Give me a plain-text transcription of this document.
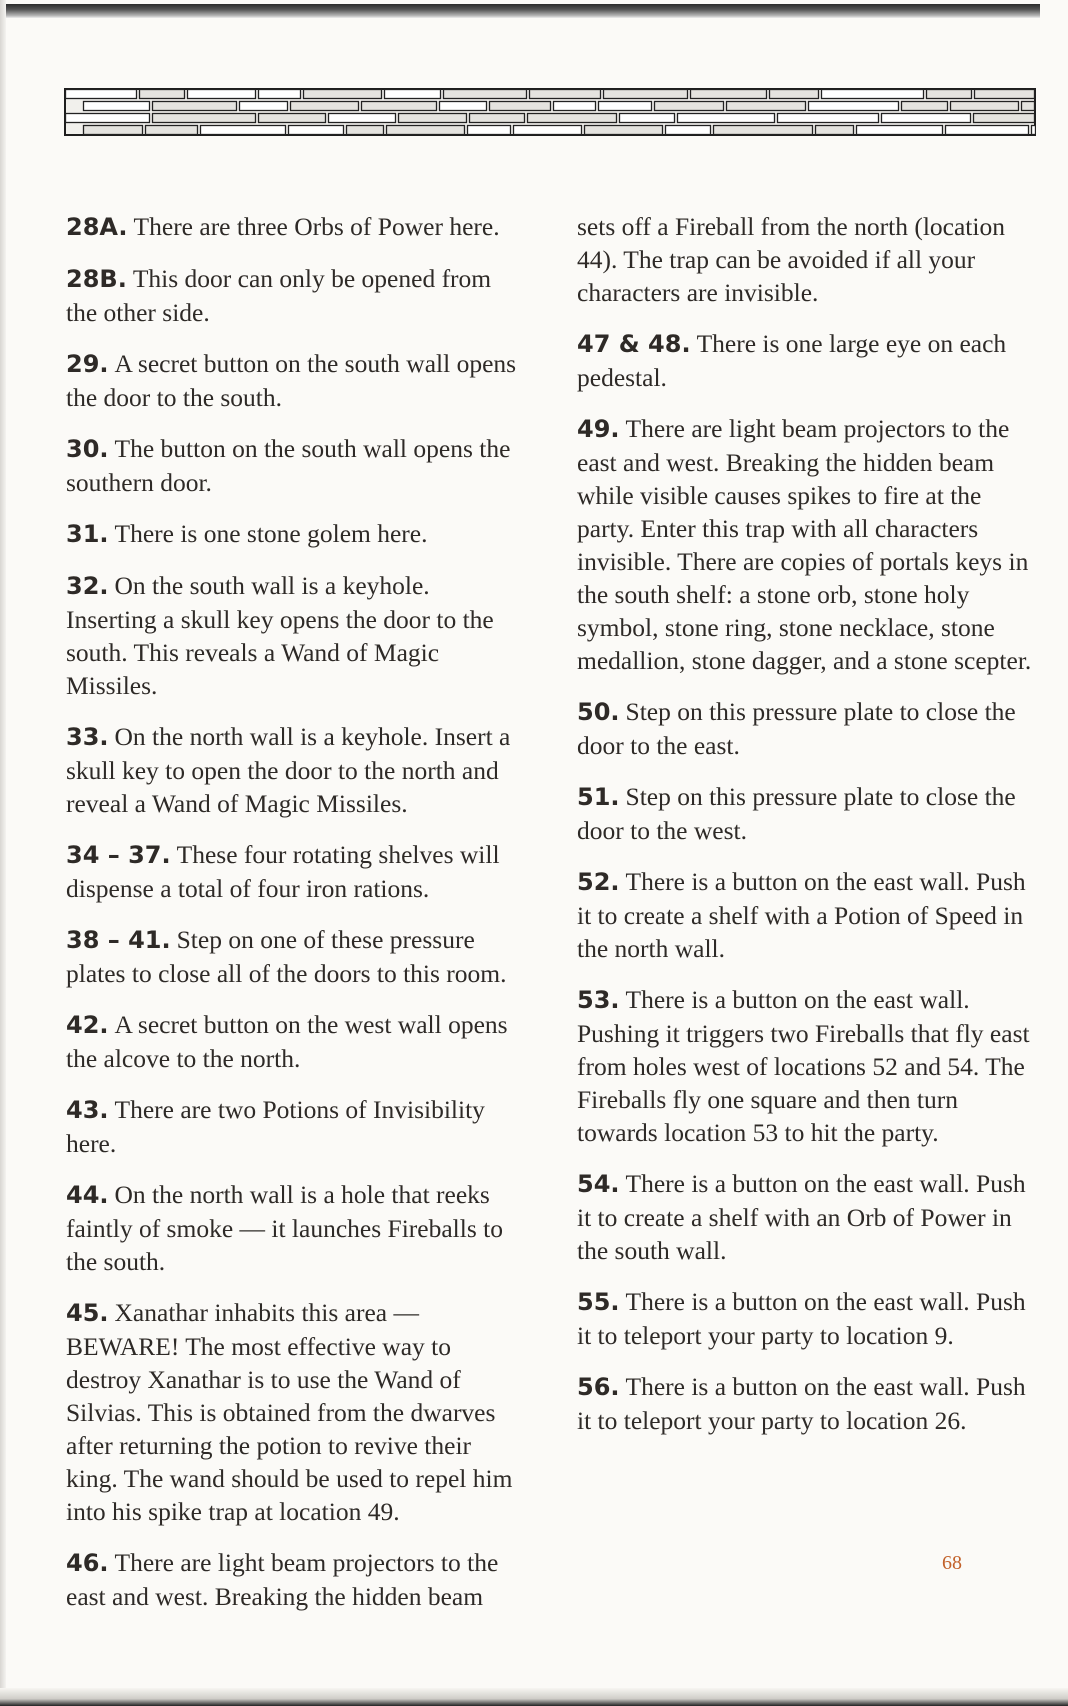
28A. There are three Orbs of Power here.

28B. This door can only be opened from the other side.

29. A secret button on the south wall opens the door to the south.

30. The button on the south wall opens the southern door.

31. There is one stone golem here.

32. On the south wall is a keyhole. Inserting a skull key opens the door to the south. This reveals a Wand of Magic Missiles.

33. On the north wall is a keyhole. Insert a skull key to open the door to the north and reveal a Wand of Magic Missiles.

34 – 37. These four rotating shelves will dispense a total of four iron rations.

38 – 41. Step on one of these pressure plates to close all of the doors to this room.

42. A secret button on the west wall opens the alcove to the north.

43. There are two Potions of Invisibility here.

44. On the north wall is a hole that reeks faintly of smoke — it launches Fireballs to the south.

45. Xanathar inhabits this area — BEWARE! The most effective way to destroy Xanathar is to use the Wand of Silvias. This is obtained from the dwarves after returning the potion to revive their king. The wand should be used to repel him into his spike trap at location 49.

46. There are light beam projectors to the east and west. Breaking the hidden beam

sets off a Fireball from the north (location 44). The trap can be avoided if all your characters are invisible.

47 & 48. There is one large eye on each pedestal.

49. There are light beam projectors to the east and west. Breaking the hidden beam while visible causes spikes to fire at the party. Enter this trap with all characters invisible. There are copies of portals keys in the south shelf: a stone orb, stone holy symbol, stone ring, stone necklace, stone medallion, stone dagger, and a stone scepter.

50. Step on this pressure plate to close the door to the east.

51. Step on this pressure plate to close the door to the west.

52. There is a button on the east wall. Push it to create a shelf with a Potion of Speed in the north wall.

53. There is a button on the east wall. Pushing it triggers two Fireballs that fly east from holes west of locations 52 and 54. The Fireballs fly one square and then turn towards location 53 to hit the party.

54. There is a button on the east wall. Push it to create a shelf with an Orb of Power in the south wall.

55. There is a button on the east wall. Push it to teleport your party to location 9.

56. There is a button on the east wall. Push it to teleport your party to location 26.

68
